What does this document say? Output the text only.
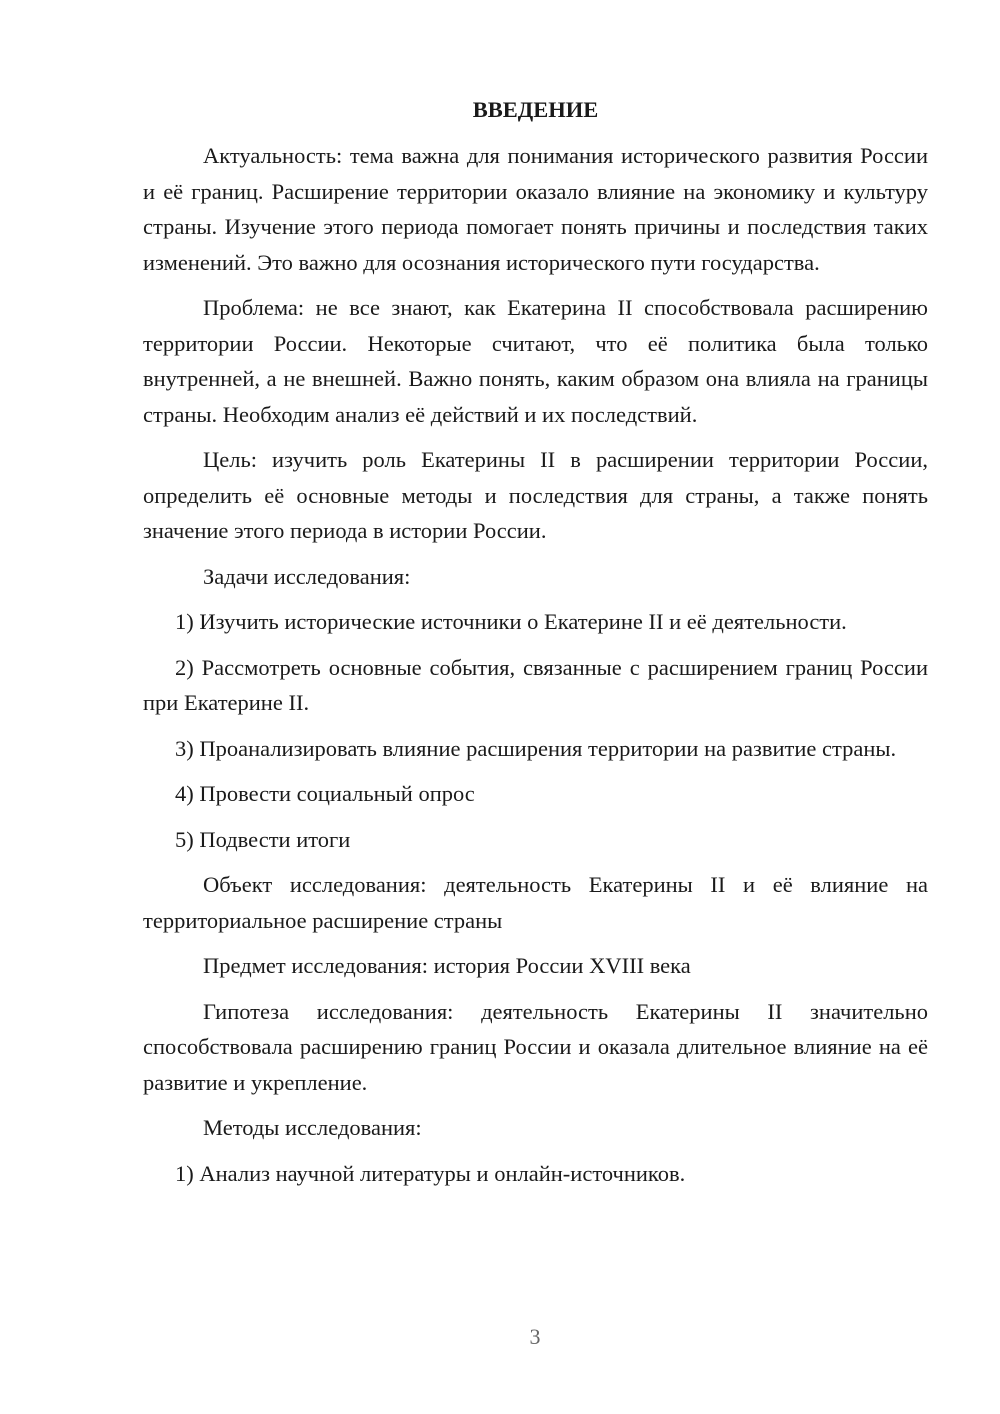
ВВЕДЕНИЕ

Актуальность: тема важна для понимания исторического развития России и её границ. Расширение территории оказало влияние на экономику и культуру страны. Изучение этого периода помогает понять причины и последствия таких изменений. Это важно для осознания исторического пути государства.

Проблема: не все знают, как Екатерина II способствовала расширению территории России. Некоторые считают, что её политика была только внутренней, а не внешней. Важно понять, каким образом она влияла на границы страны. Необходим анализ её действий и их последствий.

Цель: изучить роль Екатерины II в расширении территории России, определить её основные методы и последствия для страны, а также понять значение этого периода в истории России.

Задачи исследования:

1) Изучить исторические источники о Екатерине II и её деятельности.

2) Рассмотреть основные события, связанные с расширением границ России при Екатерине II.

3) Проанализировать влияние расширения территории на развитие страны.

4) Провести социальный опрос

5) Подвести итоги

Объект исследования: деятельность Екатерины II и её влияние на территориальное расширение страны

Предмет исследования: история России XVIII века

Гипотеза исследования: деятельность Екатерины II значительно способствовала расширению границ России и оказала длительное влияние на её развитие и укрепление.

Методы исследования:

1) Анализ научной литературы и онлайн-источников.

3
